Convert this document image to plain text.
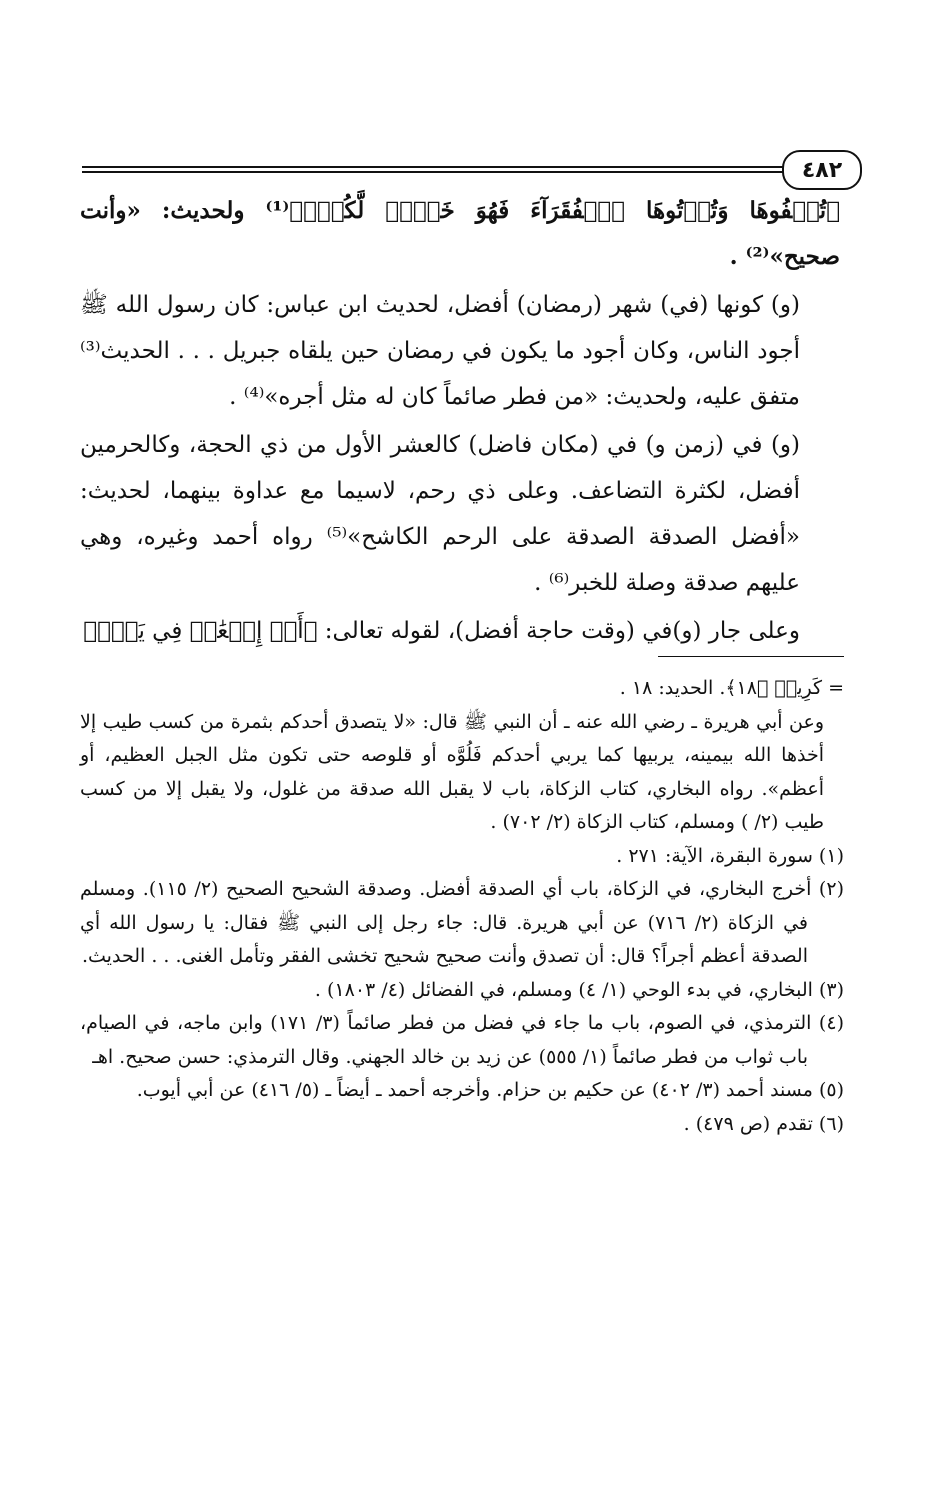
٤٨٢

﴿تُخۡفُوهَا وَتُؤۡتُوهَا ٱلۡفُقَرَآءَ فَهُوَ خَيۡرٞ لَّكُمۡۚ﴾⁽¹⁾ ولحديث: «وأنت صحيح»⁽²⁾ .

(و) كونها (في) شهر (رمضان) أفضل، لحديث ابن عباس: كان رسول الله ﷺ أجود الناس، وكان أجود ما يكون في رمضان حين يلقاه جبريل . . . الحديث⁽³⁾ متفق عليه، ولحديث: «من فطر صائماً كان له مثل أجره»⁽⁴⁾ .

(و) في (زمن و) في (مكان فاضل) كالعشر الأول من ذي الحجة، وكالحرمين أفضل، لكثرة التضاعف. وعلى ذي رحم، لاسيما مع عداوة بينهما، لحديث: «أفضل الصدقة الصدقة على الرحم الكاشح»⁽⁵⁾ رواه أحمد وغيره، وهي عليهم صدقة وصلة للخبر⁽⁶⁾ .

وعلى جار (و)في (وقت حاجة أفضل)، لقوله تعالى: ﴿أَوۡ إِطۡعَٰمٞ فِي يَوۡمٖ

= كَرِيمٞ ﴿١٨﴾. الحديد: ١٨ .

وعن أبي هريرة ـ رضي الله عنه ـ أن النبي ﷺ قال: «لا يتصدق أحدكم بثمرة من كسب طيب إلا أخذها الله بيمينه، يربيها كما يربي أحدكم فَلُوَّه أو قلوصه حتى تكون مثل الجبل العظيم، أو أعظم». رواه البخاري، كتاب الزكاة، باب لا يقبل الله صدقة من غلول، ولا يقبل إلا من كسب طيب (٢/ ) ومسلم، كتاب الزكاة (٢/ ٧٠٢) .

(١) سورة البقرة، الآية: ٢٧١ .

(٢) أخرج البخاري، في الزكاة، باب أي الصدقة أفضل. وصدقة الشحيح الصحيح (٢/ ١١٥). ومسلم في الزكاة (٢/ ٧١٦) عن أبي هريرة. قال: جاء رجل إلى النبي ﷺ فقال: يا رسول الله أي الصدقة أعظم أجراً؟ قال: أن تصدق وأنت صحيح شحيح تخشى الفقر وتأمل الغنى. . . الحديث.

(٣) البخاري، في بدء الوحي (١/ ٤) ومسلم، في الفضائل (٤/ ١٨٠٣) .

(٤) الترمذي، في الصوم، باب ما جاء في فضل من فطر صائماً (٣/ ١٧١) وابن ماجه، في الصيام، باب ثواب من فطر صائماً (١/ ٥٥٥) عن زيد بن خالد الجهني. وقال الترمذي: حسن صحيح. اهـ

(٥) مسند أحمد (٣/ ٤٠٢) عن حكيم بن حزام. وأخرجه أحمد ـ أيضاً ـ (٥/ ٤١٦) عن أبي أيوب.

(٦) تقدم (ص ٤٧٩) .
